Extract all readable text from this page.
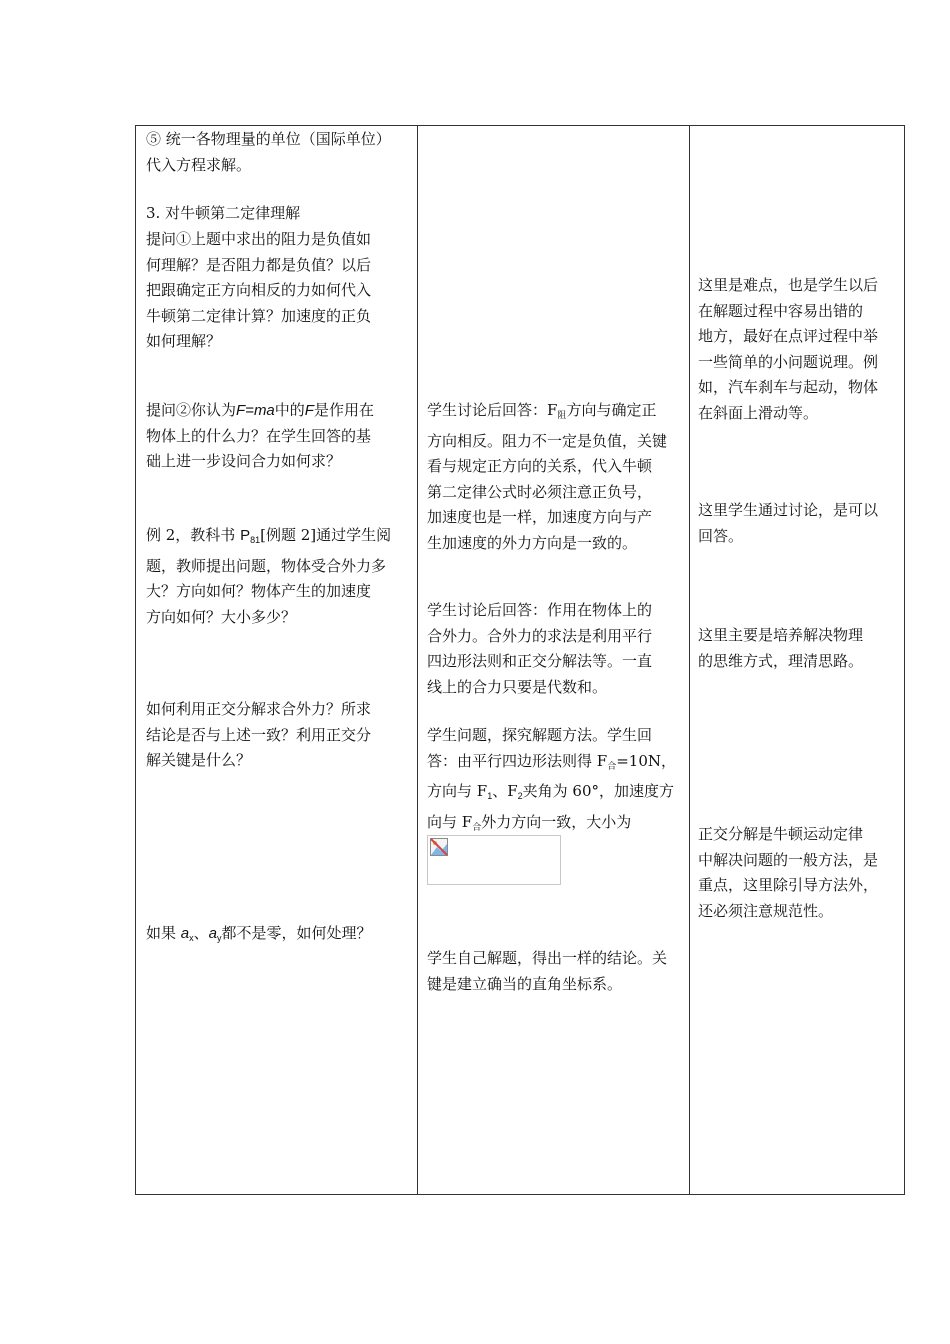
⑤ 统一各物理量的单位（国际单位）
代入方程求解。
3. 对牛顿第二定律理解
提问①上题中求出的阻力是负值如
何理解？是否阻力都是负值？以后
把跟确定正方向相反的力如何代入
牛顿第二定律计算？加速度的正负
如何理解？
提问②你认为F=ma中的F是作用在
物体上的什么力？在学生回答的基
础上进一步设问合力如何求？
例 2，教科书 $P_{81}$[例题 2]通过学生阅
题，教师提出问题，物体受合外力多
大？方向如何？物体产生的加速度
方向如何？大小多少？
如何利用正交分解求合外力？所求
结论是否与上述一致？利用正交分
解关键是什么？
如果 $a_x$、$a_y$都不是零，如何处理？
学生讨论后回答：$F_阻$方向与确定正
方向相反。阻力不一定是负值，关键
看与规定正方向的关系，代入牛顿
第二定律公式时必须注意正负号，
加速度也是一样，加速度方向与产
生加速度的外力方向是一致的。
学生讨论后回答：作用在物体上的
合外力。合外力的求法是利用平行
四边形法则和正交分解法等。一直
线上的合力只要是代数和。
学生问题，探究解题方法。学生回
答：由平行四边形法则得 $F_合=10N$，
方向与 $F_1$、$F_2$夹角为 60°，加速度方
向与 $F_合$外力方向一致，大小为
学生自己解题，得出一样的结论。关
键是建立确当的直角坐标系。
这里是难点，也是学生以后
在解题过程中容易出错的
地方，最好在点评过程中举
一些简单的小问题说理。例
如，汽车刹车与起动，物体
在斜面上滑动等。
这里学生通过讨论，是可以
回答。
这里主要是培养解决物理
的思维方式，理清思路。
正交分解是牛顿运动定律
中解决问题的一般方法，是
重点，这里除引导方法外，
还必须注意规范性。
